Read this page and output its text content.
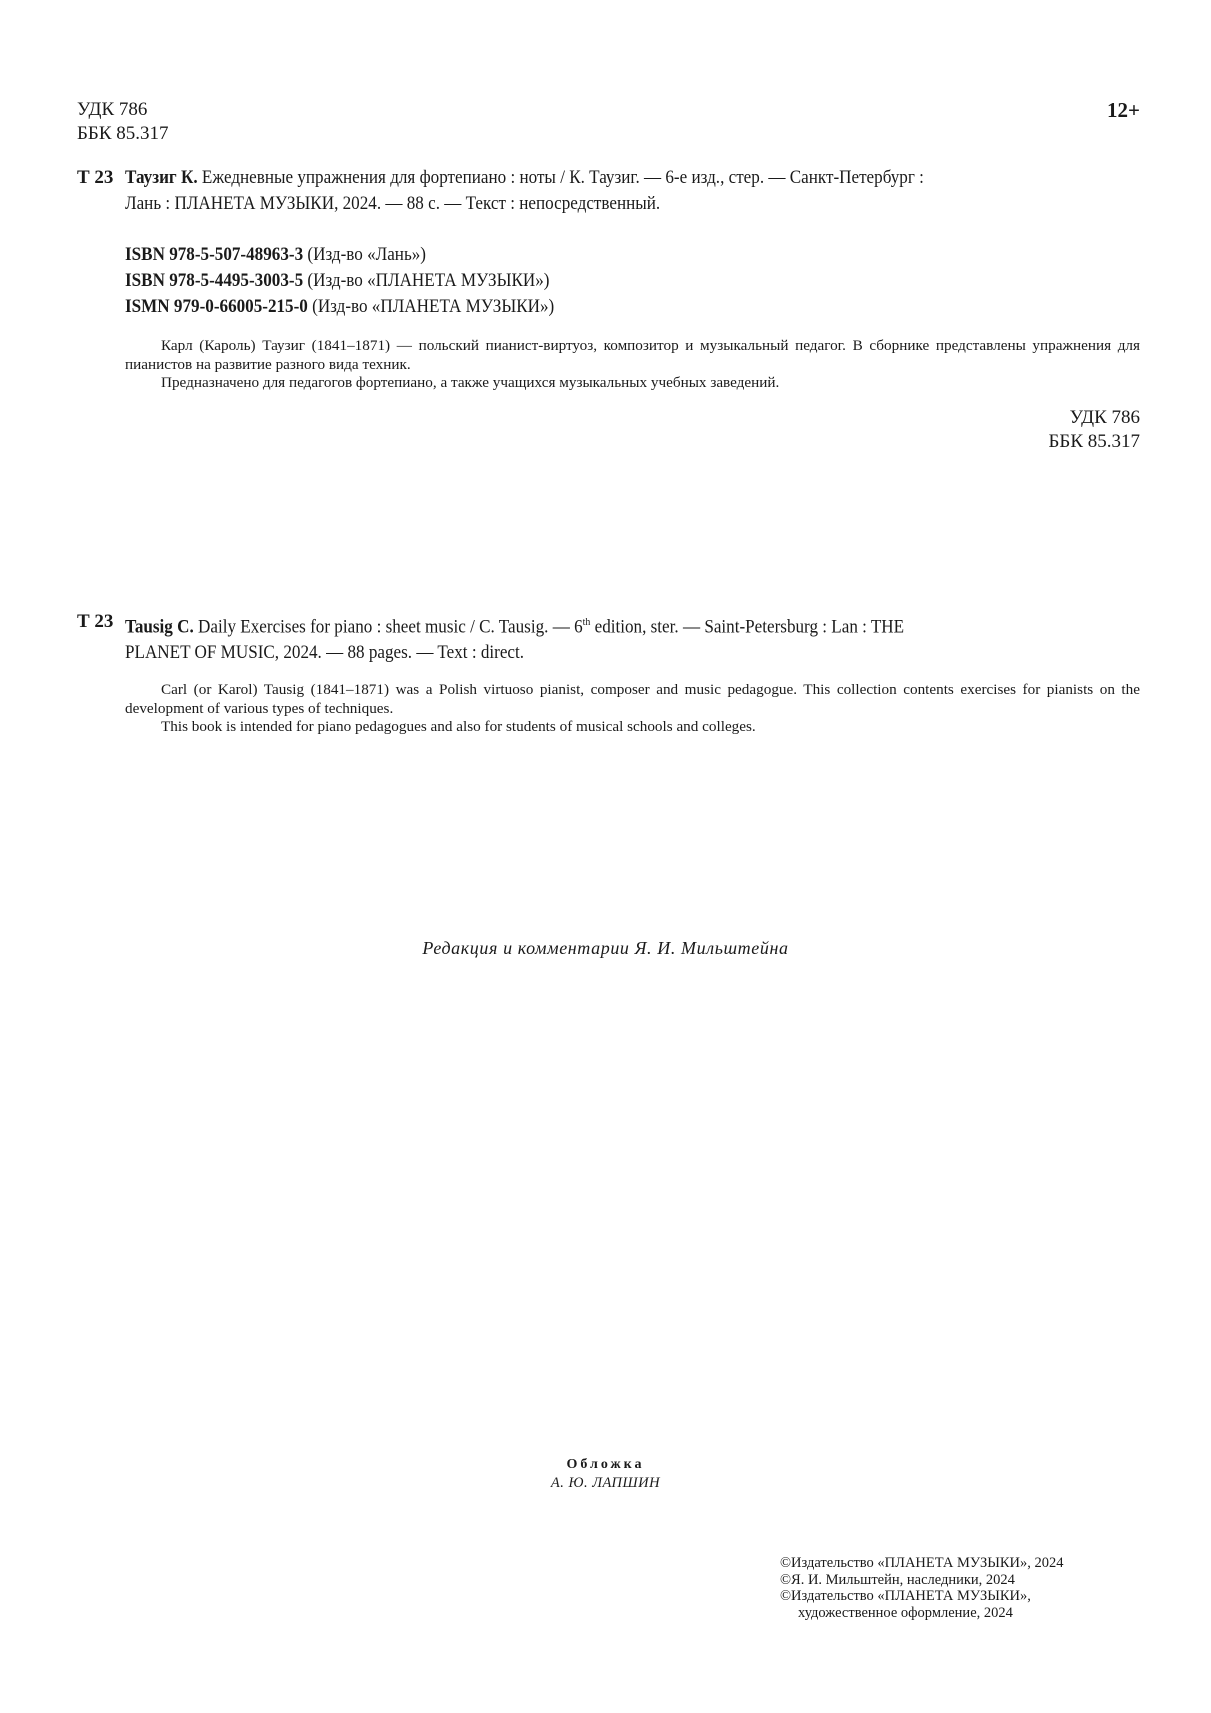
УДК 786
ББК 85.317
12+
Т 23 Таузиг К. Ежедневные упражнения для фортепиано : ноты / К. Таузиг. — 6-е изд., стер. — Санкт-Петербург :
Лань : ПЛАНЕТА МУЗЫКИ, 2024. — 88 с. — Текст : непосредственный.
ISBN 978-5-507-48963-3 (Изд-во «Лань»)
ISBN 978-5-4495-3003-5 (Изд-во «ПЛАНЕТА МУЗЫКИ»)
ISMN 979-0-66005-215-0 (Изд-во «ПЛАНЕТА МУЗЫКИ»)
Карл (Кароль) Таузиг (1841–1871) — польский пианист-виртуоз, композитор и музыкальный педагог. В сборнике представлены упражнения для пианистов на развитие разного вида техник.
Предназначено для педагогов фортепиано, а также учащихся музыкальных учебных заведений.
УДК 786
ББК 85.317
Т 23 Tausig C. Daily Exercises for piano : sheet music / C. Tausig. — 6th edition, ster. — Saint-Petersburg : Lan : THE
PLANET OF MUSIC, 2024. — 88 pages. — Text : direct.
Carl (or Karol) Tausig (1841–1871) was a Polish virtuoso pianist, composer and music pedagogue. This collection contents exercises for pianists on the development of various types of techniques.
This book is intended for piano pedagogues and also for students of musical schools and colleges.
Редакция и комментарии Я. И. Мильштейна
Обложка
А. Ю. ЛАПШИН
©Издательство «ПЛАНЕТА МУЗЫКИ», 2024
©Я. И. Мильштейн, наследники, 2024
©Издательство «ПЛАНЕТА МУЗЫКИ»,
художественное оформление, 2024
